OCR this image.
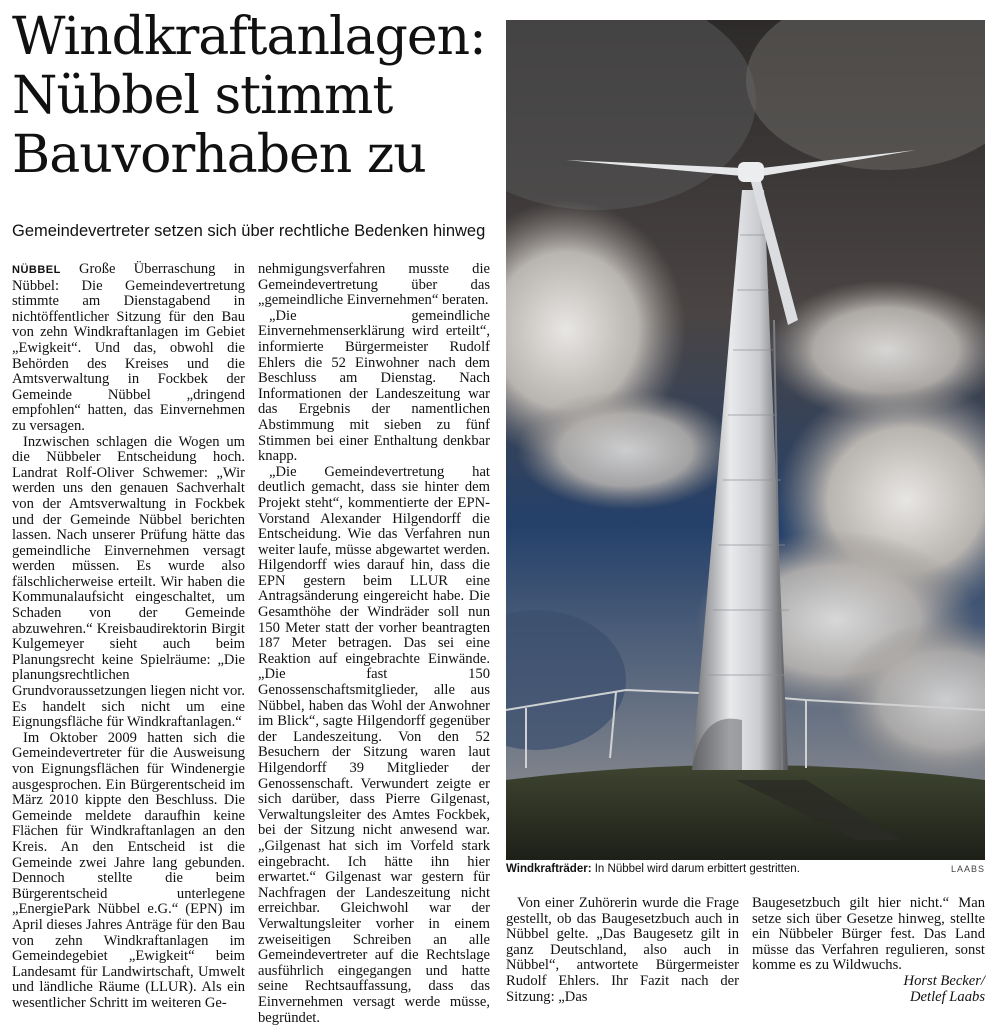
Windkraftanlagen:
Nübbel stimmt
Bauvorhaben zu
Gemeindevertreter setzen sich über rechtliche Bedenken hinweg

NÜBBEL Große Überraschung in Nübbel: Die Gemeindevertretung stimmte am Dienstagabend in nichtöffentlicher Sitzung für den Bau von zehn Windkraftanlagen im Gebiet „Ewigkeit“. Und das, obwohl die Behörden des Kreises und die Amtsverwaltung in Fockbek der Gemeinde Nübbel „dringend empfohlen“ hatten, das Einvernehmen zu versagen.

Inzwischen schlagen die Wogen um die Nübbeler Entscheidung hoch. Landrat Rolf-Oliver Schwemer: „Wir werden uns den genauen Sachverhalt von der Amtsverwaltung in Fockbek und der Gemeinde Nübbel berichten lassen. Nach unserer Prüfung hätte das gemeindliche Einvernehmen versagt werden müssen. Es wurde also fälschlicherweise erteilt. Wir haben die Kommunalaufsicht eingeschaltet, um Schaden von der Gemeinde abzuwehren.“ Kreisbaudirektorin Birgit Kulgemeyer sieht auch beim Planungsrecht keine Spielräume: „Die planungsrechtlichen Grundvoraussetzungen liegen nicht vor. Es handelt sich nicht um eine Eignungsfläche für Windkraftanlagen.“

Im Oktober 2009 hatten sich die Gemeindevertreter für die Ausweisung von Eignungsflächen für Windenergie ausgesprochen. Ein Bürgerentscheid im März 2010 kippte den Beschluss. Die Gemeinde meldete daraufhin keine Flächen für Windkraftanlagen an den Kreis. An den Entscheid ist die Gemeinde zwei Jahre lang gebunden. Dennoch stellte die beim Bürgerentscheid unterlegene „EnergiePark Nübbel e.G.“ (EPN) im April dieses Jahres Anträge für den Bau von zehn Windkraftanlagen im Gemeindegebiet „Ewigkeit“ beim Landesamt für Landwirtschaft, Umwelt und ländliche Räume (LLUR). Als ein wesentlicher Schritt im weiteren Ge-

nehmigungsverfahren musste die Gemeindevertretung über das „gemeindliche Einvernehmen“ beraten.

„Die gemeindliche Einvernehmenserklärung wird erteilt“, informierte Bürgermeister Rudolf Ehlers die 52 Einwohner nach dem Beschluss am Dienstag. Nach Informationen der Landeszeitung war das Ergebnis der namentlichen Abstimmung mit sieben zu fünf Stimmen bei einer Enthaltung denkbar knapp.

„Die Gemeindevertretung hat deutlich gemacht, dass sie hinter dem Projekt steht“, kommentierte der EPN-Vorstand Alexander Hilgendorff die Entscheidung. Wie das Verfahren nun weiter laufe, müsse abgewartet werden. Hilgendorff wies darauf hin, dass die EPN gestern beim LLUR eine Antragsänderung eingereicht habe. Die Gesamthöhe der Windräder soll nun 150 Meter statt der vorher beantragten 187 Meter betragen. Das sei eine Reaktion auf eingebrachte Einwände. „Die fast 150 Genossenschaftsmitglieder, alle aus Nübbel, haben das Wohl der Anwohner im Blick“, sagte Hilgendorff gegenüber der Landeszeitung. Von den 52 Besuchern der Sitzung waren laut Hilgendorff 39 Mitglieder der Genossenschaft. Verwundert zeigte er sich darüber, dass Pierre Gilgenast, Verwaltungsleiter des Amtes Fockbek, bei der Sitzung nicht anwesend war. „Gilgenast hat sich im Vorfeld stark eingebracht. Ich hätte ihn hier erwartet.“ Gilgenast war gestern für Nachfragen der Landeszeitung nicht erreichbar. Gleichwohl war der Verwaltungsleiter vorher in einem zweiseitigen Schreiben an alle Gemeindevertreter auf die Rechtslage ausführlich eingegangen und hatte seine Rechtsauffassung, dass das Einvernehmen versagt werde müsse, begründet.

Windkrafträder: In Nübbel wird darum erbittert gestritten.	LAABS

Von einer Zuhörerin wurde die Frage gestellt, ob das Baugesetzbuch auch in Nübbel gelte. „Das Baugesetz gilt in ganz Deutschland, also auch in Nübbel“, antwortete Bürgermeister Rudolf Ehlers. Ihr Fazit nach der Sitzung: „Das

Baugesetzbuch gilt hier nicht.“ Man setze sich über Gesetze hinweg, stellte ein Nübbeler Bürger fest. Das Land müsse das Verfahren regulieren, sonst komme es zu Wildwuchs.

Horst Becker/
Detlef Laabs
